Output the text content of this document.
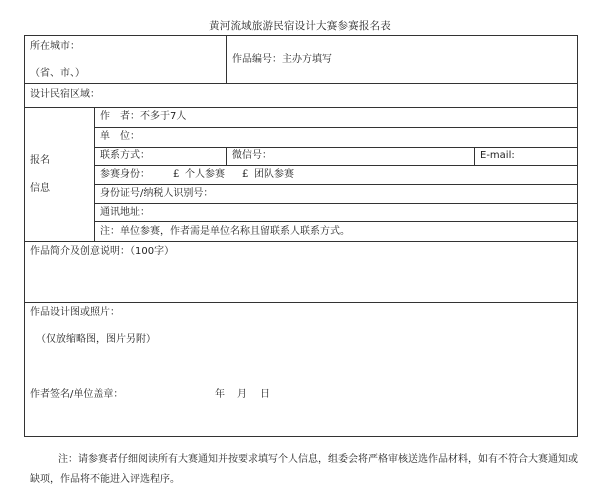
黄河流域旅游民宿设计大赛参赛报名表
所在城市：
（省、市、）
作品编号：主办方填写
设计民宿区域：
报名
信息
作　者：不多于7人
单　位：
联系方式：	微信号：	E-mail:
参赛身份： £ 个人参赛 £ 团队参赛
身份证号/纳税人识别号：
通讯地址：
注：单位参赛，作者需是单位名称且留联系人联系方式。
作品简介及创意说明：（100字）
作品设计图或照片：
（仅放缩略图，图片另附）
作者签名/单位盖章：	年 月 日
注：请参赛者仔细阅读所有大赛通知并按要求填写个人信息，组委会将严格审核送选作品材料，如有不符合大赛通知或缺项，作品将不能进入评选程序。
